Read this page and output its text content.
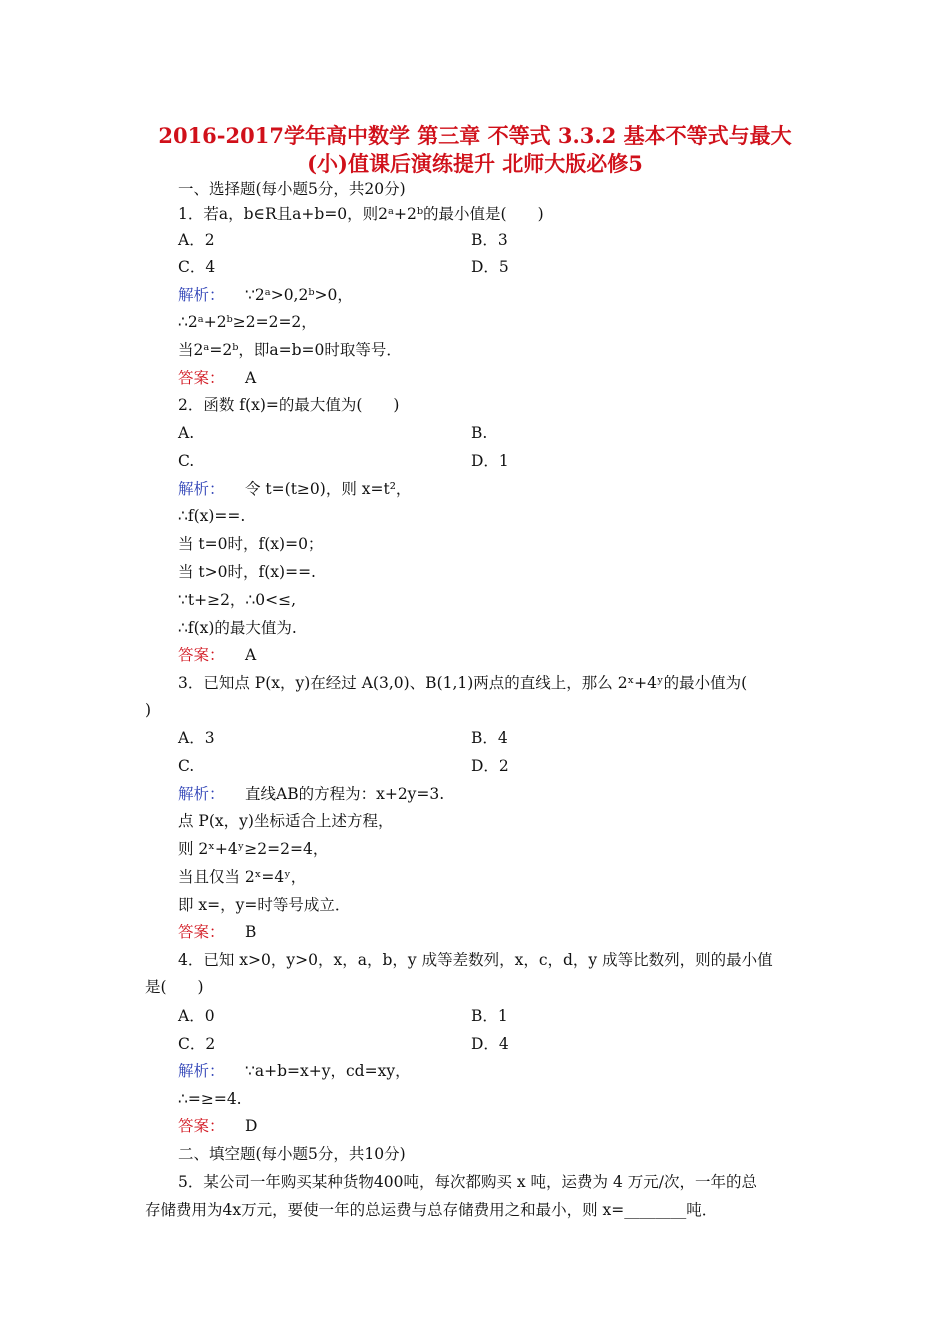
2016-2017学年高中数学 第三章 不等式 3.3.2 基本不等式与最大
(小)值课后演练提升 北师大版必修5
一、选择题(每小题5分，共20分)
1．若a，b∈R且a+b=0，则2ᵃ+2ᵇ的最小值是(　　)
A．2	B．3
C．4	D．5
解析： ∵2ᵃ>0,2ᵇ>0，
∴2ᵃ+2ᵇ≥2=2=2，
当2ᵃ=2ᵇ，即a=b=0时取等号．
答案： A
2．函数 f(x)=的最大值为(　　)
A.	B.
C.	D．1
解析： 令 t=(t≥0)，则 x=t²，
∴f(x)==.
当 t=0时，f(x)=0；
当 t>0时，f(x)==.
∵t+≥2，∴0<≤,
∴f(x)的最大值为.
答案： A
3．已知点 P(x，y)在经过 A(3,0)、B(1,1)两点的直线上，那么 2ˣ+4ʸ的最小值为(
)
A．3	B．4
C.	D．2
解析： 直线AB的方程为：x+2y=3.
点 P(x，y)坐标适合上述方程，
则 2ˣ+4ʸ≥2=2=4，
当且仅当 2ˣ=4ʸ，
即 x=，y=时等号成立．
答案： B
4．已知 x>0，y>0，x，a，b，y 成等差数列，x，c，d，y 成等比数列，则的最小值
是(　　)
A．0	B．1
C．2	D．4
解析： ∵a+b=x+y，cd=xy，
∴=≥=4.
答案： D
二、填空题(每小题5分，共10分)
5．某公司一年购买某种货物400吨，每次都购买 x 吨，运费为 4 万元/次，一年的总
存储费用为4x万元，要使一年的总运费与总存储费用之和最小，则 x=________吨．
